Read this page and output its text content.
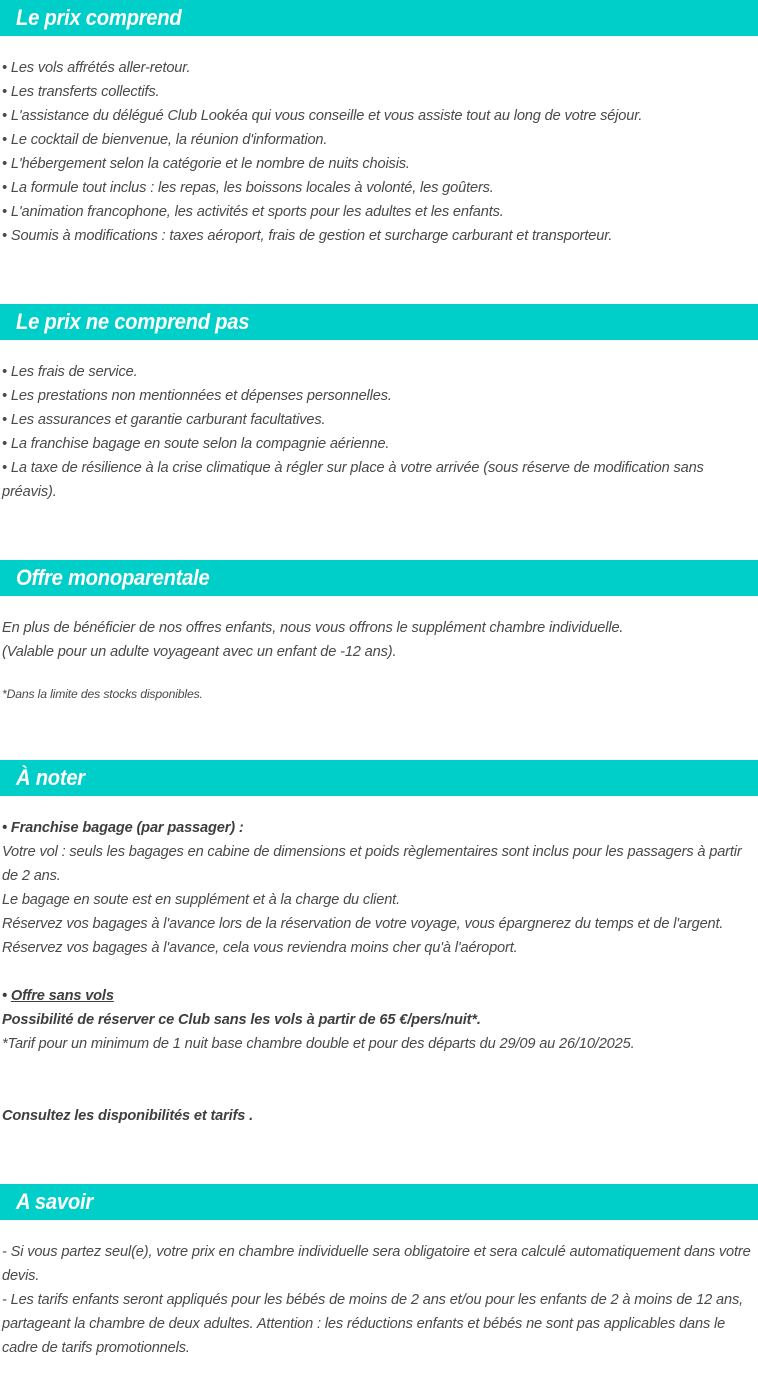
Le prix comprend
• Les vols affrétés aller-retour.
• Les transferts collectifs.
• L'assistance du délégué Club Lookéa qui vous conseille et vous assiste tout au long de votre séjour.
• Le cocktail de bienvenue, la réunion d'information.
• L'hébergement selon la catégorie et le nombre de nuits choisis.
• La formule tout inclus : les repas, les boissons locales à volonté, les goûters.
• L'animation francophone, les activités et sports pour les adultes et les enfants.
• Soumis à modifications : taxes aéroport, frais de gestion et surcharge carburant et transporteur.
Le prix ne comprend pas
• Les frais de service.
• Les prestations non mentionnées et dépenses personnelles.
• Les assurances et garantie carburant facultatives.
• La franchise bagage en soute selon la compagnie aérienne.
• La taxe de résilience à la crise climatique à régler sur place à votre arrivée (sous réserve de modification sans préavis).
Offre monoparentale
En plus de bénéficier de nos offres enfants, nous vous offrons le supplément chambre individuelle.
(Valable pour un adulte voyageant avec un enfant de -12 ans).
*Dans la limite des stocks disponibles.
À noter
• Franchise bagage (par passager) :
Votre vol : seuls les bagages en cabine de dimensions et poids règlementaires sont inclus pour les passagers à partir de 2 ans.
Le bagage en soute est en supplément et à la charge du client.
Réservez vos bagages à l'avance lors de la réservation de votre voyage, vous épargnerez du temps et de l'argent.
Réservez vos bagages à l'avance, cela vous reviendra moins cher qu'à l'aéroport.
• Offre sans vols
Possibilité de réserver ce Club sans les vols à partir de 65 €/pers/nuit*.
*Tarif pour un minimum de 1 nuit base chambre double et pour des départs du 29/09 au 26/10/2025.
Consultez les disponibilités et tarifs .
A savoir
- Si vous partez seul(e), votre prix en chambre individuelle sera obligatoire et sera calculé automatiquement dans votre devis.
- Les tarifs enfants seront appliqués pour les bébés de moins de 2 ans et/ou pour les enfants de 2 à moins de 12 ans, partageant la chambre de deux adultes. Attention : les réductions enfants et bébés ne sont pas applicables dans le cadre de tarifs promotionnels.
